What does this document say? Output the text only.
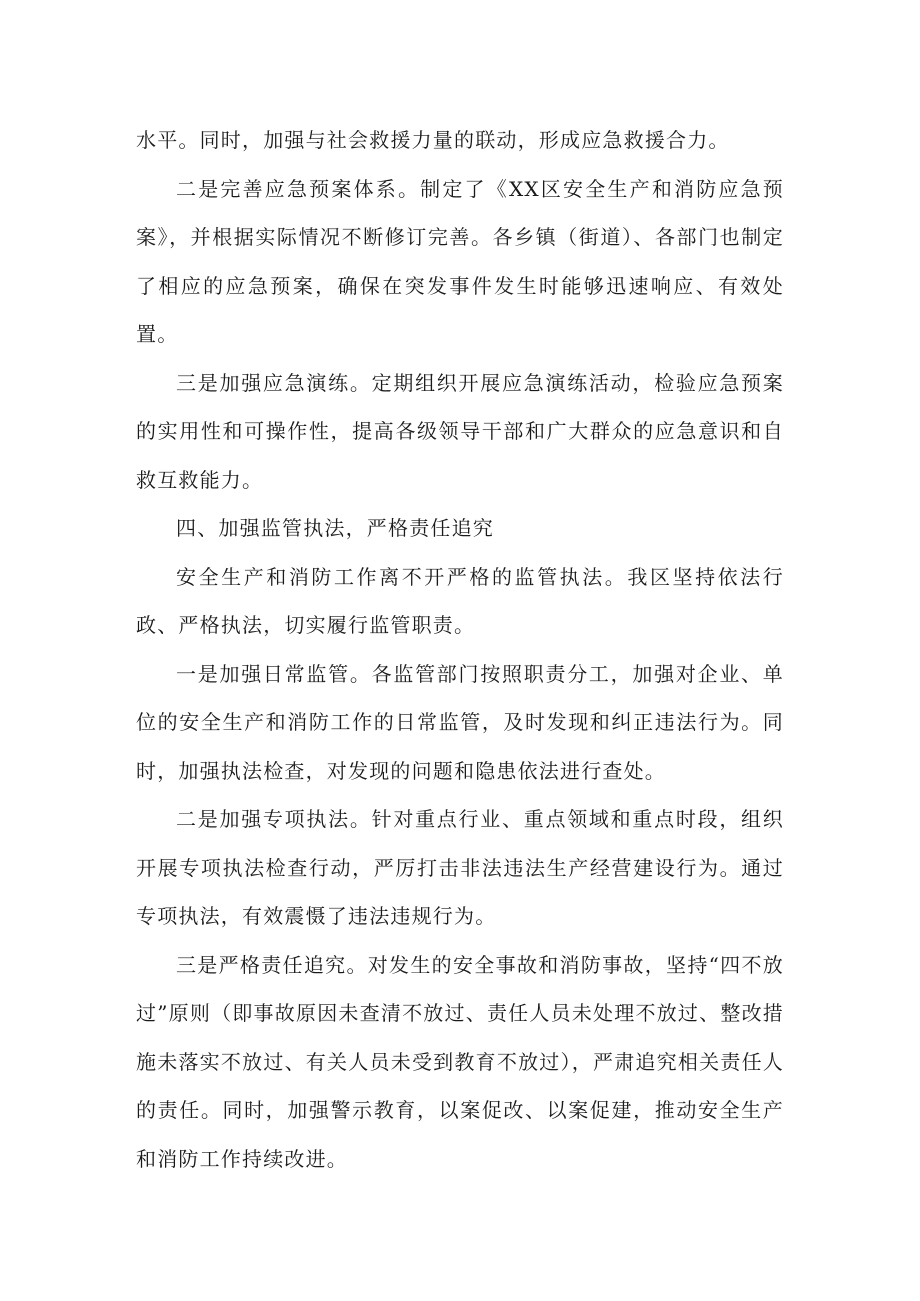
水平。同时，加强与社会救援力量的联动，形成应急救援合力。

二是完善应急预案体系。制定了《XX区安全生产和消防应急预案》，并根据实际情况不断修订完善。各乡镇（街道）、各部门也制定了相应的应急预案，确保在突发事件发生时能够迅速响应、有效处置。

三是加强应急演练。定期组织开展应急演练活动，检验应急预案的实用性和可操作性，提高各级领导干部和广大群众的应急意识和自救互救能力。

四、加强监管执法，严格责任追究

安全生产和消防工作离不开严格的监管执法。我区坚持依法行政、严格执法，切实履行监管职责。

一是加强日常监管。各监管部门按照职责分工，加强对企业、单位的安全生产和消防工作的日常监管，及时发现和纠正违法行为。同时，加强执法检查，对发现的问题和隐患依法进行查处。

二是加强专项执法。针对重点行业、重点领域和重点时段，组织开展专项执法检查行动，严厉打击非法违法生产经营建设行为。通过专项执法，有效震慑了违法违规行为。

三是严格责任追究。对发生的安全事故和消防事故，坚持“四不放过”原则（即事故原因未查清不放过、责任人员未处理不放过、整改措施未落实不放过、有关人员未受到教育不放过），严肃追究相关责任人的责任。同时，加强警示教育，以案促改、以案促建，推动安全生产和消防工作持续改进。
